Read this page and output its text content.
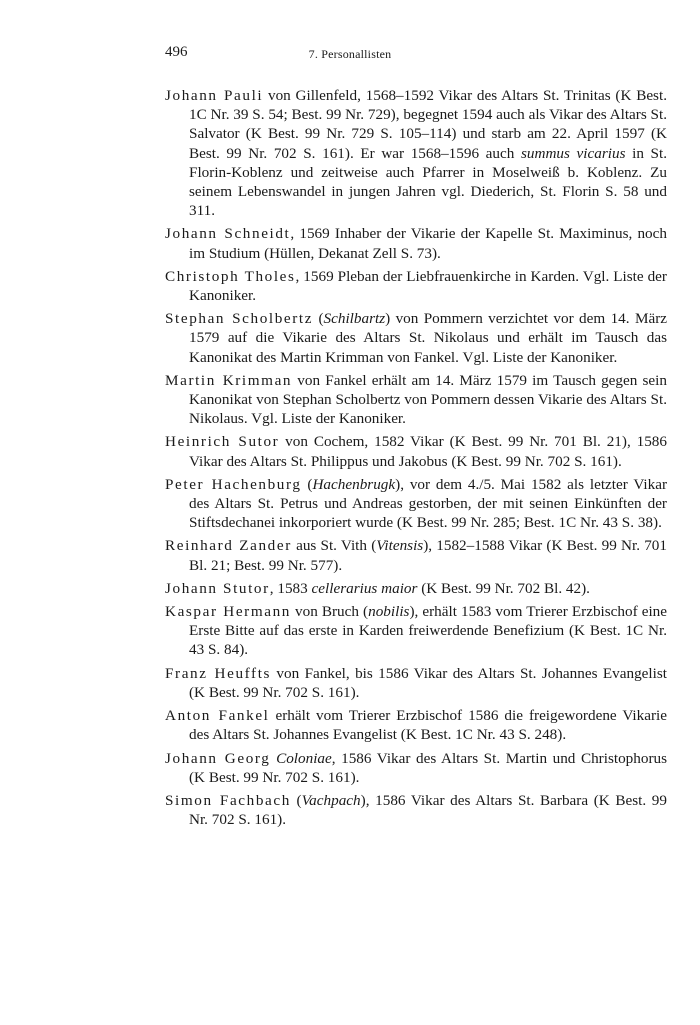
496	7. Personallisten

Johann Pauli von Gillenfeld, 1568–1592 Vikar des Altars St. Trinitas (K Best. 1C Nr. 39 S. 54; Best. 99 Nr. 729), begegnet 1594 auch als Vikar des Altars St. Salvator (K Best. 99 Nr. 729 S. 105–114) und starb am 22. April 1597 (K Best. 99 Nr. 702 S. 161). Er war 1568–1596 auch summus vicarius in St. Florin-Koblenz und zeitweise auch Pfarrer in Moselweiß b. Koblenz. Zu seinem Lebenswandel in jungen Jahren vgl. Diederich, St. Florin S. 58 und 311.

Johann Schneidt, 1569 Inhaber der Vikarie der Kapelle St. Maximinus, noch im Studium (Hüllen, Dekanat Zell S. 73).

Christoph Tholes, 1569 Pleban der Liebfrauenkirche in Karden. Vgl. Liste der Kanoniker.

Stephan Scholbertz (Schilbartz) von Pommern verzichtet vor dem 14. März 1579 auf die Vikarie des Altars St. Nikolaus und erhält im Tausch das Kanonikat des Martin Krimman von Fankel. Vgl. Liste der Kanoniker.

Martin Krimman von Fankel erhält am 14. März 1579 im Tausch gegen sein Kanonikat von Stephan Scholbertz von Pommern dessen Vikarie des Altars St. Nikolaus. Vgl. Liste der Kanoniker.

Heinrich Sutor von Cochem, 1582 Vikar (K Best. 99 Nr. 701 Bl. 21), 1586 Vikar des Altars St. Philippus und Jakobus (K Best. 99 Nr. 702 S. 161).

Peter Hachenburg (Hachenbrugk), vor dem 4./5. Mai 1582 als letzter Vikar des Altars St. Petrus und Andreas gestorben, der mit seinen Einkünften der Stiftsdechanei inkorporiert wurde (K Best. 99 Nr. 285; Best. 1C Nr. 43 S. 38).

Reinhard Zander aus St. Vith (Vitensis), 1582–1588 Vikar (K Best. 99 Nr. 701 Bl. 21; Best. 99 Nr. 577).

Johann Stutor, 1583 cellerarius maior (K Best. 99 Nr. 702 Bl. 42).

Kaspar Hermann von Bruch (nobilis), erhält 1583 vom Trierer Erzbischof eine Erste Bitte auf das erste in Karden freiwerdende Benefizium (K Best. 1C Nr. 43 S. 84).

Franz Heuffts von Fankel, bis 1586 Vikar des Altars St. Johannes Evangelist (K Best. 99 Nr. 702 S. 161).

Anton Fankel erhält vom Trierer Erzbischof 1586 die freigewordene Vikarie des Altars St. Johannes Evangelist (K Best. 1C Nr. 43 S. 248).

Johann Georg Coloniae, 1586 Vikar des Altars St. Martin und Christophorus (K Best. 99 Nr. 702 S. 161).

Simon Fachbach (Vachpach), 1586 Vikar des Altars St. Barbara (K Best. 99 Nr. 702 S. 161).
